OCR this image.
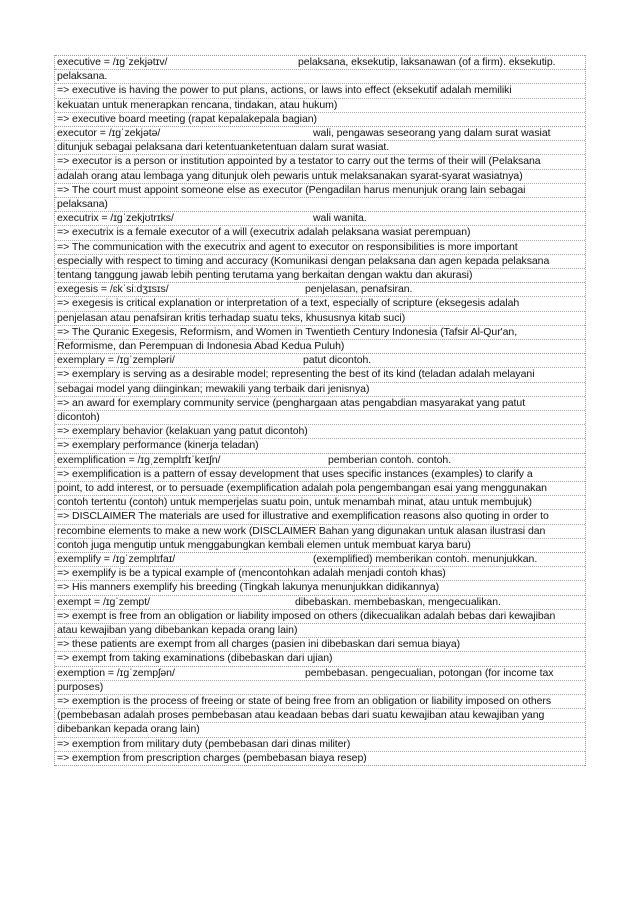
executive = /ɪɡˈzekjətɪv/	pelaksana, eksekutip, laksanawan (of a firm). eksekutip.
pelaksana.
=> executive is having the power to put plans, actions, or laws into effect (eksekutif adalah memiliki
kekuatan untuk menerapkan rencana, tindakan, atau hukum)
=> executive board meeting (rapat kepalakepala bagian)
executor = /ɪɡˈzekjətə/	wali, pengawas seseorang yang dalam surat wasiat
ditunjuk sebagai pelaksana dari ketentuanketentuan dalam surat wasiat.
=> executor is a person or institution appointed by a testator to carry out the terms of their will (Pelaksana
adalah orang atau lembaga yang ditunjuk oleh pewaris untuk melaksanakan syarat-syarat wasiatnya)
=> The court must appoint someone else as executor (Pengadilan harus menunjuk orang lain sebagai
pelaksana)
executrix = /ɪɡˈzekjʊtrɪks/	wali wanita.
=> executrix is a female executor of a will (executrix adalah pelaksana wasiat perempuan)
=> The communication with the executrix and agent to executor on responsibilities is more important
especially with respect to timing and accuracy (Komunikasi dengan pelaksana dan agen kepada pelaksana
tentang tanggung jawab lebih penting terutama yang berkaitan dengan waktu dan akurasi)
exegesis = /ɛkˈsiːdʒɪsɪs/	penjelasan, penafsiran.
=> exegesis is critical explanation or interpretation of a text, especially of scripture (eksegesis adalah
penjelasan atau penafsiran kritis terhadap suatu teks, khususnya kitab suci)
=> The Quranic Exegesis, Reformism, and Women in Twentieth Century Indonesia (Tafsir Al-Qur'an,
Reformisme, dan Perempuan di Indonesia Abad Kedua Puluh)
exemplary = /ɪɡˈzempləri/	patut dicontoh.
=> exemplary is serving as a desirable model; representing the best of its kind (teladan adalah melayani
sebagai model yang diinginkan; mewakili yang terbaik dari jenisnya)
=> an award for exemplary community service (penghargaan atas pengabdian masyarakat yang patut
dicontoh)
=> exemplary behavior (kelakuan yang patut dicontoh)
=> exemplary performance (kinerja teladan)
exemplification = /ɪɡˌzemplɪfɪˈkeɪʃn/	pemberian contoh. contoh.
=> exemplification is a pattern of essay development that uses specific instances (examples) to clarify a
point, to add interest, or to persuade (exemplification adalah pola pengembangan esai yang menggunakan
contoh tertentu (contoh) untuk memperjelas suatu poin, untuk menambah minat, atau untuk membujuk)
=> DISCLAIMER The materials are used for illustrative and exemplification reasons also quoting in order to
recombine elements to make a new work (DISCLAIMER Bahan yang digunakan untuk alasan ilustrasi dan
contoh juga mengutip untuk menggabungkan kembali elemen untuk membuat karya baru)
exemplify = /ɪɡˈzemplɪfaɪ/	(exemplified) memberikan contoh. menunjukkan.
=> exemplify is be a typical example of (mencontohkan adalah menjadi contoh khas)
=> His manners exemplify his breeding (Tingkah lakunya menunjukkan didikannya)
exempt = /ɪɡˈzempt/	dibebaskan. membebaskan, mengecualikan.
=> exempt is free from an obligation or liability imposed on others (dikecualikan adalah bebas dari kewajiban
atau kewajiban yang dibebankan kepada orang lain)
=> these patients are exempt from all charges (pasien ini dibebaskan dari semua biaya)
=> exempt from taking examinations (dibebaskan dari ujian)
exemption = /ɪɡˈzempʃən/	pembebasan. pengecualian, potongan (for income tax
purposes)
=> exemption is the process of freeing or state of being free from an obligation or liability imposed on others
(pembebasan adalah proses pembebasan atau keadaan bebas dari suatu kewajiban atau kewajiban yang
dibebankan kepada orang lain)
=> exemption from military duty (pembebasan dari dinas militer)
=> exemption from prescription charges (pembebasan biaya resep)
